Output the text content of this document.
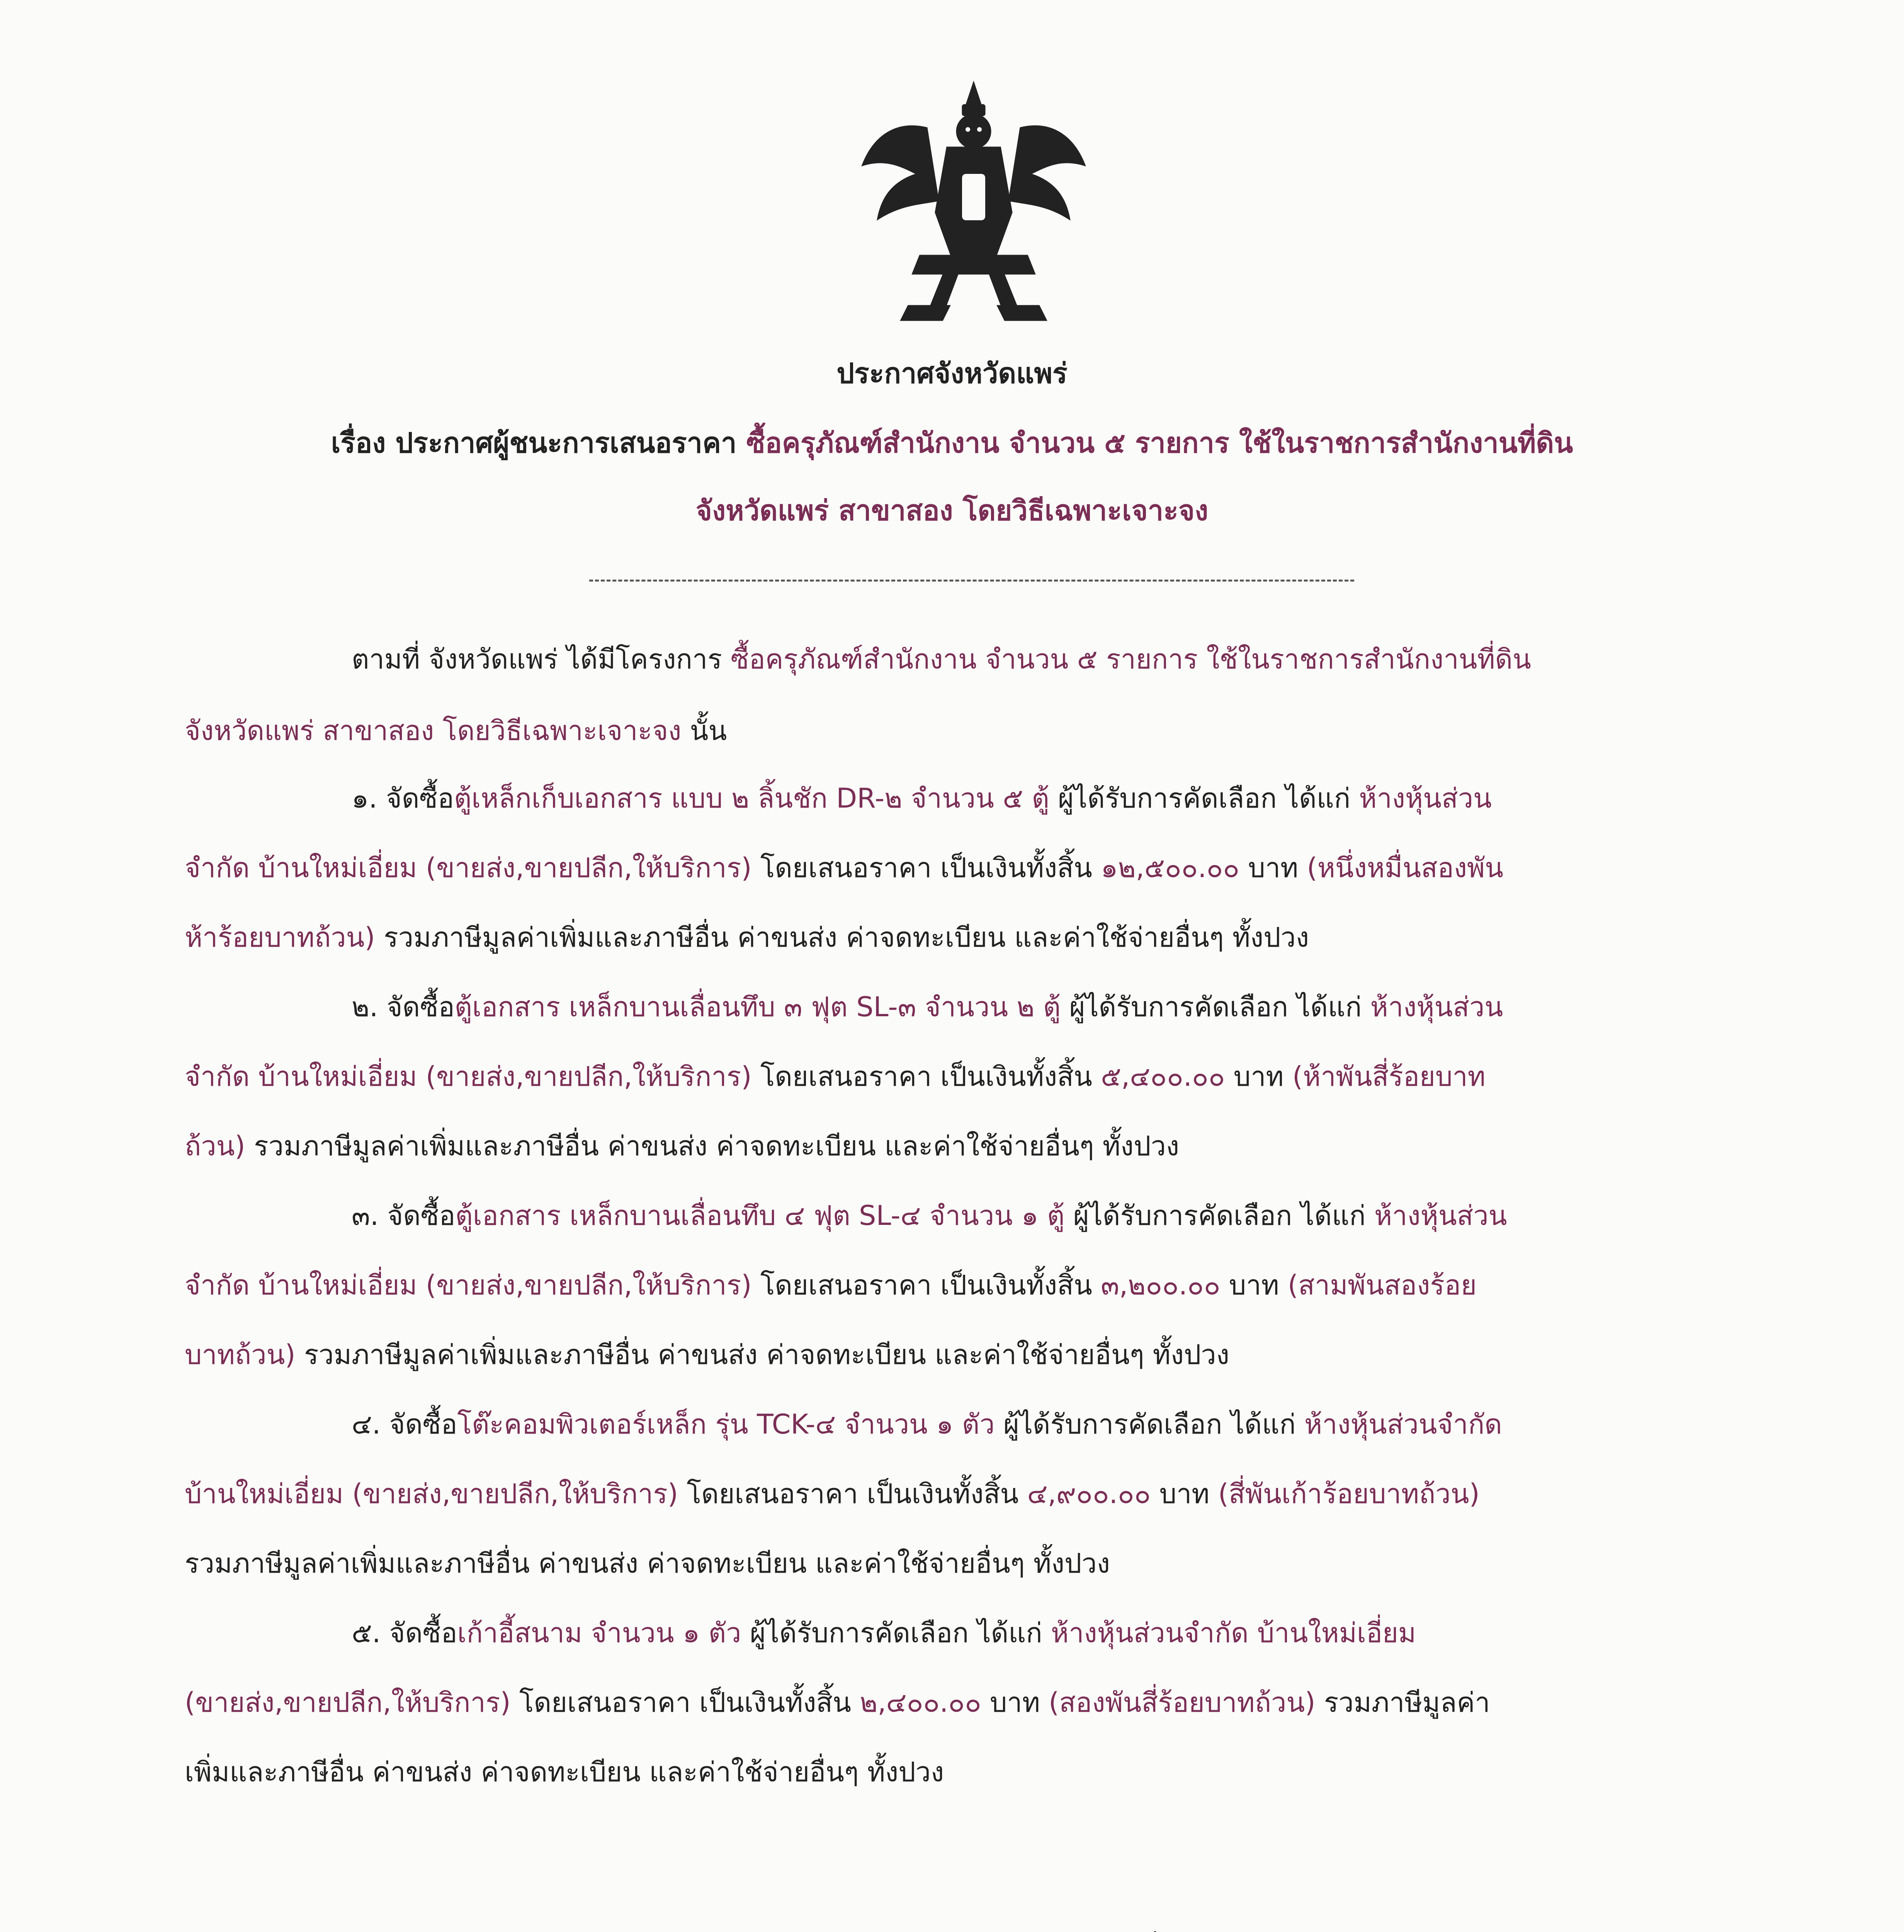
ประกาศจังหวัดแพร่
เรื่อง ประกาศผู้ชนะการเสนอราคา ซื้อครุภัณฑ์สำนักงาน จำนวน ๕ รายการ ใช้ในราชการสำนักงานที่ดิน
จังหวัดแพร่ สาขาสอง โดยวิธีเฉพาะเจาะจง
ตามที่ จังหวัดแพร่ ได้มีโครงการ ซื้อครุภัณฑ์สำนักงาน จำนวน ๕ รายการ ใช้ในราชการสำนักงานที่ดิน
จังหวัดแพร่ สาขาสอง โดยวิธีเฉพาะเจาะจง นั้น
๑. จัดซื้อตู้เหล็กเก็บเอกสาร แบบ ๒ ลิ้นชัก DR-๒ จำนวน ๕ ตู้ ผู้ได้รับการคัดเลือก ได้แก่ ห้างหุ้นส่วน
จำกัด บ้านใหม่เอี่ยม (ขายส่ง,ขายปลีก,ให้บริการ) โดยเสนอราคา เป็นเงินทั้งสิ้น ๑๒,๕๐๐.๐๐ บาท (หนึ่งหมื่นสองพัน
ห้าร้อยบาทถ้วน) รวมภาษีมูลค่าเพิ่มและภาษีอื่น ค่าขนส่ง ค่าจดทะเบียน และค่าใช้จ่ายอื่นๆ ทั้งปวง
๒. จัดซื้อตู้เอกสาร เหล็กบานเลื่อนทึบ ๓ ฟุต SL-๓ จำนวน ๒ ตู้ ผู้ได้รับการคัดเลือก ได้แก่ ห้างหุ้นส่วน
จำกัด บ้านใหม่เอี่ยม (ขายส่ง,ขายปลีก,ให้บริการ) โดยเสนอราคา เป็นเงินทั้งสิ้น ๕,๔๐๐.๐๐ บาท (ห้าพันสี่ร้อยบาท
ถ้วน) รวมภาษีมูลค่าเพิ่มและภาษีอื่น ค่าขนส่ง ค่าจดทะเบียน และค่าใช้จ่ายอื่นๆ ทั้งปวง
๓. จัดซื้อตู้เอกสาร เหล็กบานเลื่อนทึบ ๔ ฟุต SL-๔ จำนวน ๑ ตู้ ผู้ได้รับการคัดเลือก ได้แก่ ห้างหุ้นส่วน
จำกัด บ้านใหม่เอี่ยม (ขายส่ง,ขายปลีก,ให้บริการ) โดยเสนอราคา เป็นเงินทั้งสิ้น ๓,๒๐๐.๐๐ บาท (สามพันสองร้อย
บาทถ้วน) รวมภาษีมูลค่าเพิ่มและภาษีอื่น ค่าขนส่ง ค่าจดทะเบียน และค่าใช้จ่ายอื่นๆ ทั้งปวง
๔. จัดซื้อโต๊ะคอมพิวเตอร์เหล็ก รุ่น TCK-๔ จำนวน ๑ ตัว ผู้ได้รับการคัดเลือก ได้แก่ ห้างหุ้นส่วนจำกัด
บ้านใหม่เอี่ยม (ขายส่ง,ขายปลีก,ให้บริการ) โดยเสนอราคา เป็นเงินทั้งสิ้น ๔,๙๐๐.๐๐ บาท (สี่พันเก้าร้อยบาทถ้วน)
รวมภาษีมูลค่าเพิ่มและภาษีอื่น ค่าขนส่ง ค่าจดทะเบียน และค่าใช้จ่ายอื่นๆ ทั้งปวง
๕. จัดซื้อเก้าอี้สนาม จำนวน ๑ ตัว ผู้ได้รับการคัดเลือก ได้แก่ ห้างหุ้นส่วนจำกัด บ้านใหม่เอี่ยม
(ขายส่ง,ขายปลีก,ให้บริการ) โดยเสนอราคา เป็นเงินทั้งสิ้น ๒,๔๐๐.๐๐ บาท (สองพันสี่ร้อยบาทถ้วน) รวมภาษีมูลค่า
เพิ่มและภาษีอื่น ค่าขนส่ง ค่าจดทะเบียน และค่าใช้จ่ายอื่นๆ ทั้งปวง
